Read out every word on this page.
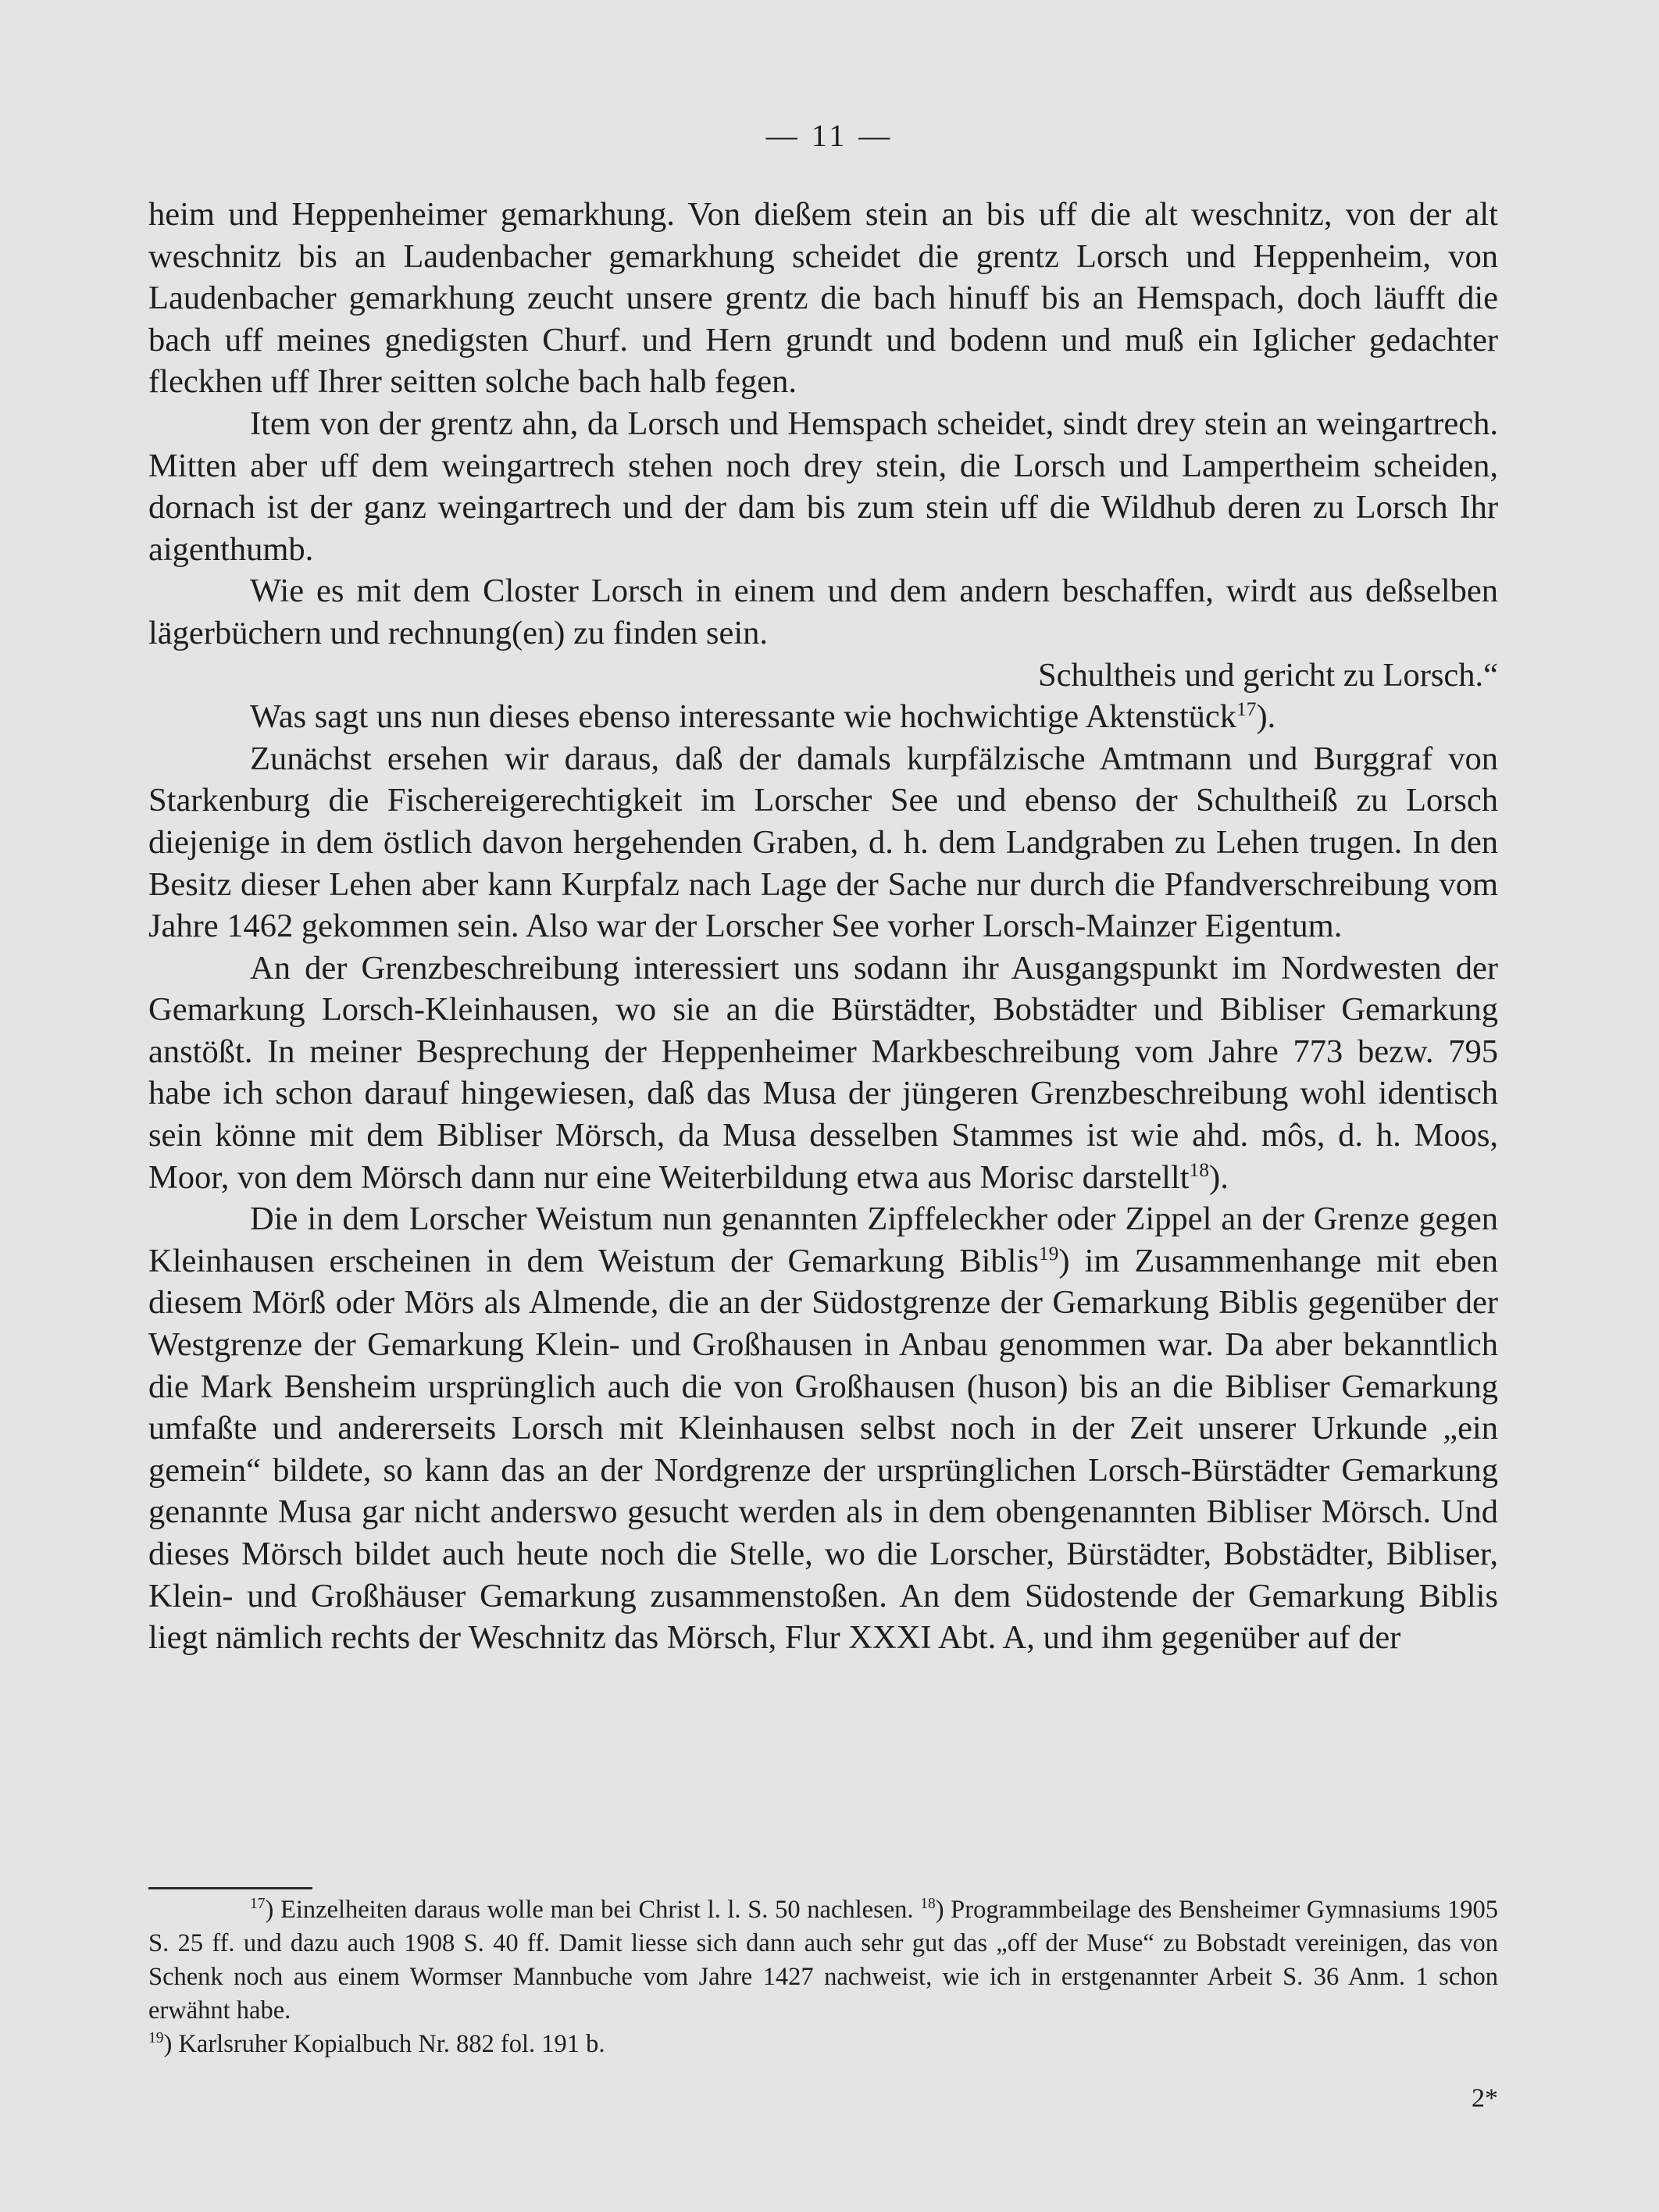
— 11 —

heim und Heppenheimer gemarkhung. Von dießem stein an bis uff die alt weschnitz, von der alt weschnitz bis an Laudenbacher gemarkhung scheidet die grentz Lorsch und Heppenheim, von Laudenbacher gemarkhung zeucht unsere grentz die bach hinuff bis an Hemspach, doch läufft die bach uff meines gnedigsten Churf. und Hern grundt und bodenn und muß ein Iglicher gedachter fleckhen uff Ihrer seitten solche bach halb fegen.

Item von der grentz ahn, da Lorsch und Hemspach scheidet, sindt drey stein an weingartrech. Mitten aber uff dem weingartrech stehen noch drey stein, die Lorsch und Lampertheim scheiden, dornach ist der ganz weingartrech und der dam bis zum stein uff die Wildhub deren zu Lorsch Ihr aigenthumb.

Wie es mit dem Closter Lorsch in einem und dem andern beschaffen, wirdt aus deßselben lägerbüchern und rechnung(en) zu finden sein.

Schultheis und gericht zu Lorsch.“

Was sagt uns nun dieses ebenso interessante wie hochwichtige Aktenstück$^{17}$).

Zunächst ersehen wir daraus, daß der damals kurpfälzische Amtmann und Burggraf von Starkenburg die Fischereigerechtigkeit im Lorscher See und ebenso der Schultheiß zu Lorsch diejenige in dem östlich davon hergehenden Graben, d. h. dem Landgraben zu Lehen trugen. In den Besitz dieser Lehen aber kann Kurpfalz nach Lage der Sache nur durch die Pfandverschreibung vom Jahre 1462 gekommen sein. Also war der Lorscher See vorher Lorsch-Mainzer Eigentum.

An der Grenzbeschreibung interessiert uns sodann ihr Ausgangspunkt im Nordwesten der Gemarkung Lorsch-Kleinhausen, wo sie an die Bürstädter, Bobstädter und Bibliser Gemarkung anstößt. In meiner Besprechung der Heppenheimer Markbeschreibung vom Jahre 773 bezw. 795 habe ich schon darauf hingewiesen, daß das Musa der jüngeren Grenzbeschreibung wohl identisch sein könne mit dem Bibliser Mörsch, da Musa desselben Stammes ist wie ahd. môs, d. h. Moos, Moor, von dem Mörsch dann nur eine Weiterbildung etwa aus Morisc darstellt$^{18}$).

Die in dem Lorscher Weistum nun genannten Zipffeleckher oder Zippel an der Grenze gegen Kleinhausen erscheinen in dem Weistum der Gemarkung Biblis$^{19}$) im Zusammenhange mit eben diesem Mörß oder Mörs als Almende, die an der Südostgrenze der Gemarkung Biblis gegenüber der Westgrenze der Gemarkung Klein- und Großhausen in Anbau genommen war. Da aber bekanntlich die Mark Bensheim ursprünglich auch die von Großhausen (huson) bis an die Bibliser Gemarkung umfaßte und andererseits Lorsch mit Kleinhausen selbst noch in der Zeit unserer Urkunde „ein gemein“ bildete, so kann das an der Nordgrenze der ursprünglichen Lorsch-Bürstädter Gemarkung genannte Musa gar nicht anderswo gesucht werden als in dem obengenannten Bibliser Mörsch. Und dieses Mörsch bildet auch heute noch die Stelle, wo die Lorscher, Bürstädter, Bobstädter, Bibliser, Klein- und Großhäuser Gemarkung zusammenstoßen. An dem Südostende der Gemarkung Biblis liegt nämlich rechts der Weschnitz das Mörsch, Flur XXXI Abt. A, und ihm gegenüber auf der

$^{17}$) Einzelheiten daraus wolle man bei Christ l. l. S. 50 nachlesen. $^{18}$) Programmbeilage des Bensheimer Gymnasiums 1905 S. 25 ff. und dazu auch 1908 S. 40 ff. Damit liesse sich dann auch sehr gut das „off der Muse“ zu Bobstadt vereinigen, das von Schenk noch aus einem Wormser Mannbuche vom Jahre 1427 nachweist, wie ich in erstgenannter Arbeit S. 36 Anm. 1 schon erwähnt habe.

$^{19}$) Karlsruher Kopialbuch Nr. 882 fol. 191 b.

2*
